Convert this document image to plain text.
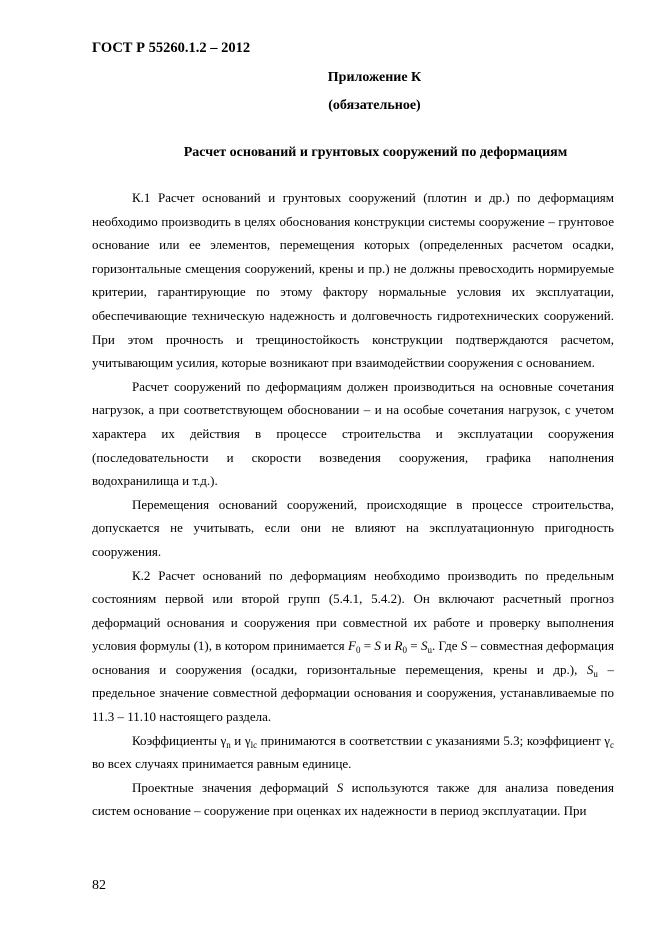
ГОСТ Р 55260.1.2 – 2012
Приложение К
(обязательное)
Расчет оснований и грунтовых сооружений по деформациям

К.1 Расчет оснований и грунтовых сооружений (плотин и др.) по деформациям необходимо производить в целях обоснования конструкции системы сооружение – грунтовое основание или ее элементов, перемещения которых (определенных расчетом осадки, горизонтальные смещения сооружений, крены и пр.) не должны превосходить нормируемые критерии, гарантирующие по этому фактору нормальные условия их эксплуатации, обеспечивающие техническую надежность и долговечность гидротехнических сооружений. При этом прочность и трещиностойкость конструкции подтверждаются расчетом, учитывающим усилия, которые возникают при взаимодействии сооружения с основанием.

Расчет сооружений по деформациям должен производиться на основные сочетания нагрузок, а при соответствующем обосновании – и на особые сочетания нагрузок, с учетом характера их действия в процессе строительства и эксплуатации сооружения (последовательности и скорости возведения сооружения, графика наполнения водохранилища и т.д.).

Перемещения оснований сооружений, происходящие в процессе строительства, допускается не учитывать, если они не влияют на эксплуатационную пригодность сооружения.

К.2 Расчет оснований по деформациям необходимо производить по предельным состояниям первой или второй групп (5.4.1, 5.4.2). Он включают расчетный прогноз деформаций основания и сооружения при совместной их работе и проверку выполнения условия формулы (1), в котором принимается $F_0 = S$ и $R_0 = S_u$. Где S – совместная деформация основания и сооружения (осадки, горизонтальные перемещения, крены и др.), $S_u$ – предельное значение совместной деформации основания и сооружения, устанавливаемые по 11.3 – 11.10 настоящего раздела.

Коэффициенты $\gamma_n$ и $\gamma_{lc}$ принимаются в соответствии с указаниями 5.3; коэффициент $\gamma_c$ во всех случаях принимается равным единице.

Проектные значения деформаций S используются также для анализа поведения систем основание – сооружение при оценках их надежности в период эксплуатации. При

82
